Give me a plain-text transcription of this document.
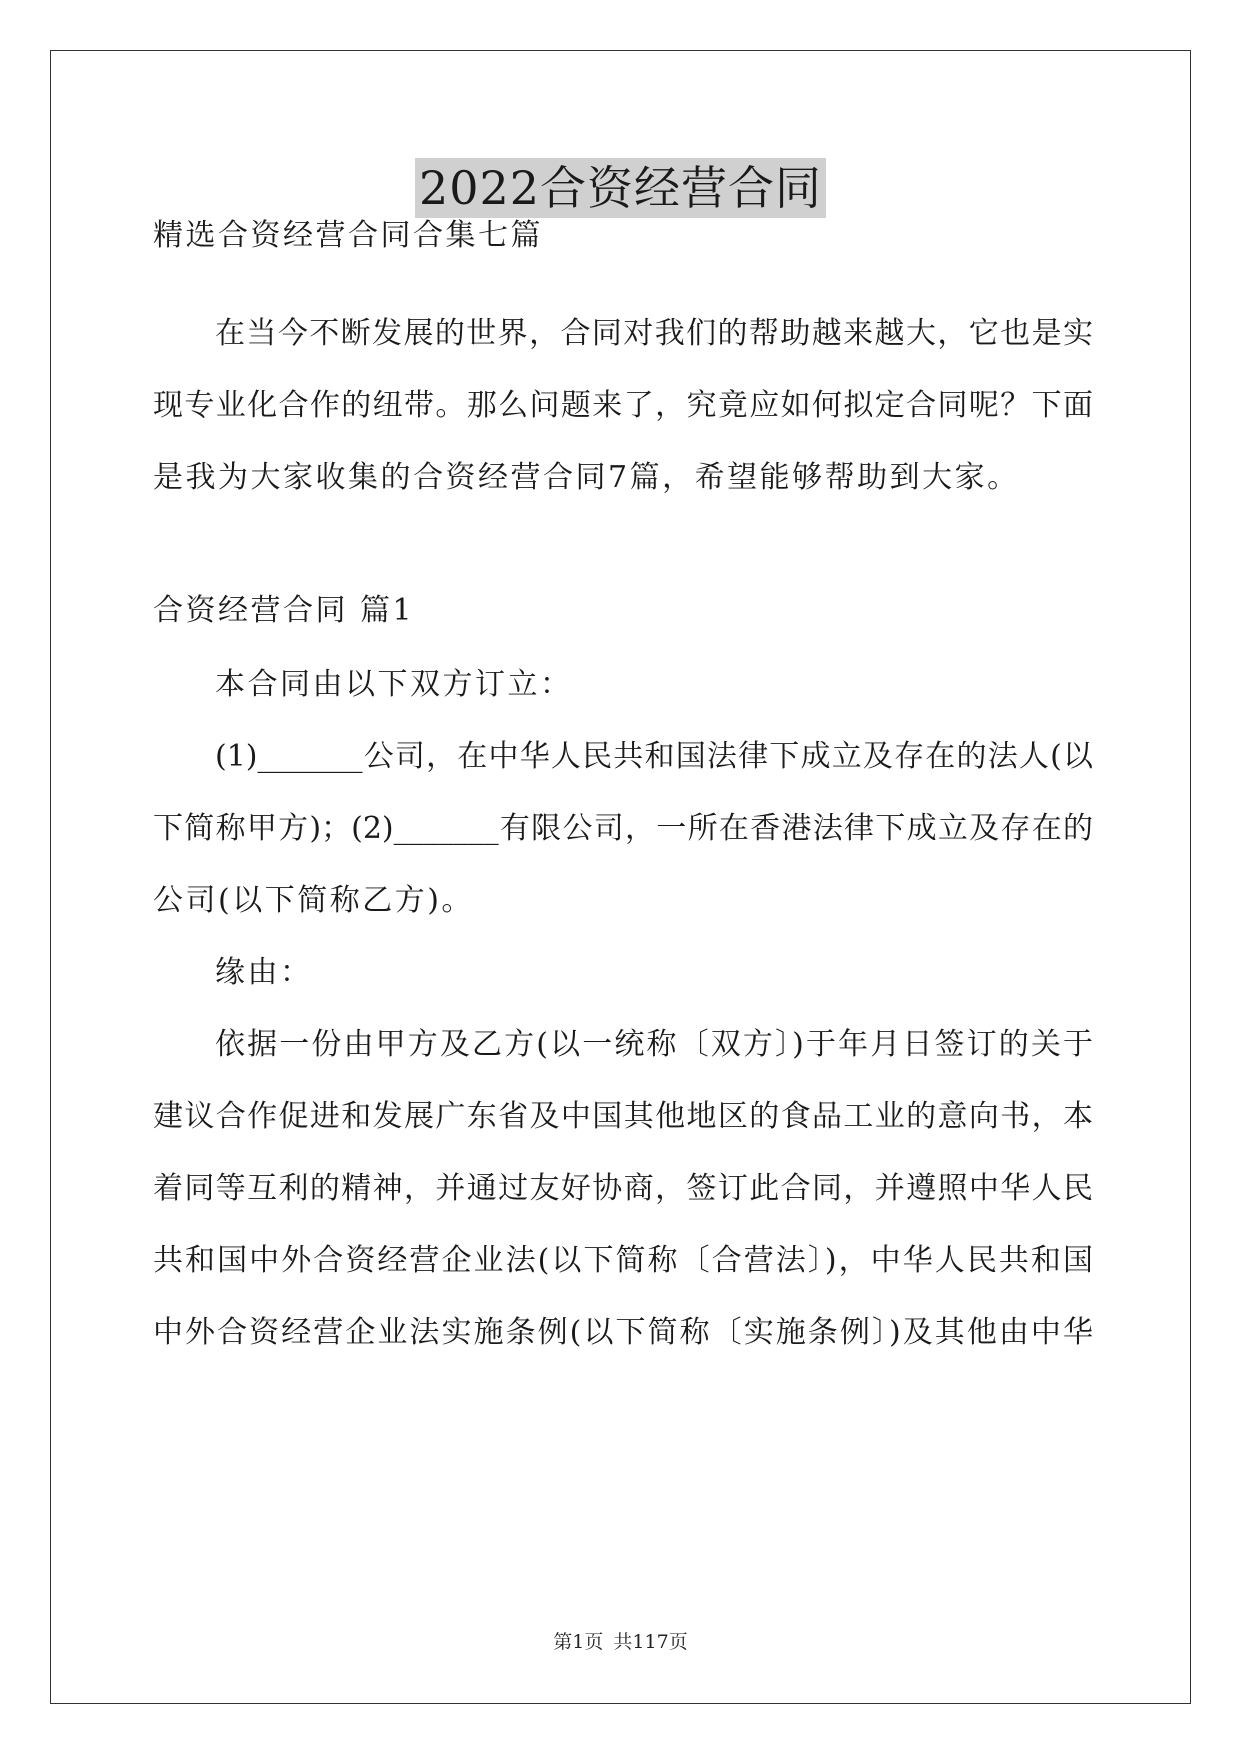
2022合资经营合同
精选合资经营合同合集七篇
在当今不断发展的世界，合同对我们的帮助越来越大，它也是实
现专业化合作的纽带。那么问题来了，究竟应如何拟定合同呢？下面
是我为大家收集的合资经营合同7篇，希望能够帮助到大家。
合资经营合同 篇1
本合同由以下双方订立：
(1)_______公司，在中华人民共和国法律下成立及存在的法人(以
下简称甲方)；(2)_______有限公司，一所在香港法律下成立及存在的
公司(以下简称乙方)。
缘由：
依据一份由甲方及乙方(以一统称〔双方〕)于年月日签订的关于
建议合作促进和发展广东省及中国其他地区的食品工业的意向书，本
着同等互利的精神，并通过友好协商，签订此合同，并遵照中华人民
共和国中外合资经营企业法(以下简称〔合营法〕)，中华人民共和国
中外合资经营企业法实施条例(以下简称〔实施条例〕)及其他由中华
第1页 共117页
